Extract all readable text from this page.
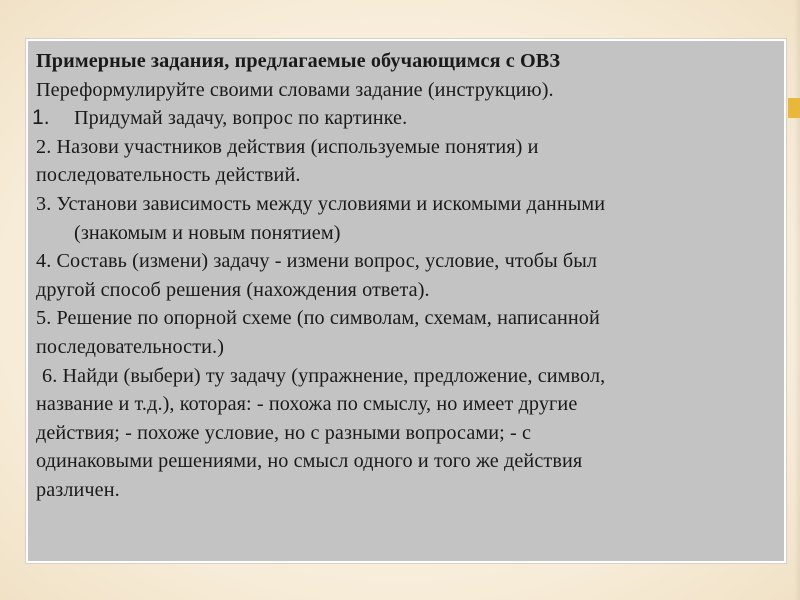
Примерные задания, предлагаемые обучающимся с ОВЗ
Переформулируйте своими словами задание (инструкцию).
1. Придумай задачу, вопрос по картинке.
2. Назови участников действия (используемые понятия) и
последовательность действий.
3. Установи зависимость между условиями и искомыми данными
(знакомым и новым понятием)
4. Составь (измени) задачу - измени вопрос, условие, чтобы был
другой способ решения (нахождения ответа).
5. Решение по опорной схеме (по символам, схемам, написанной
последовательности.)
6. Найди (выбери) ту задачу (упражнение, предложение, символ,
название и т.д.), которая: - похожа по смыслу, но имеет другие
действия; - похоже условие, но с разными вопросами; - с
одинаковыми решениями, но смысл одного и того же действия
различен.
